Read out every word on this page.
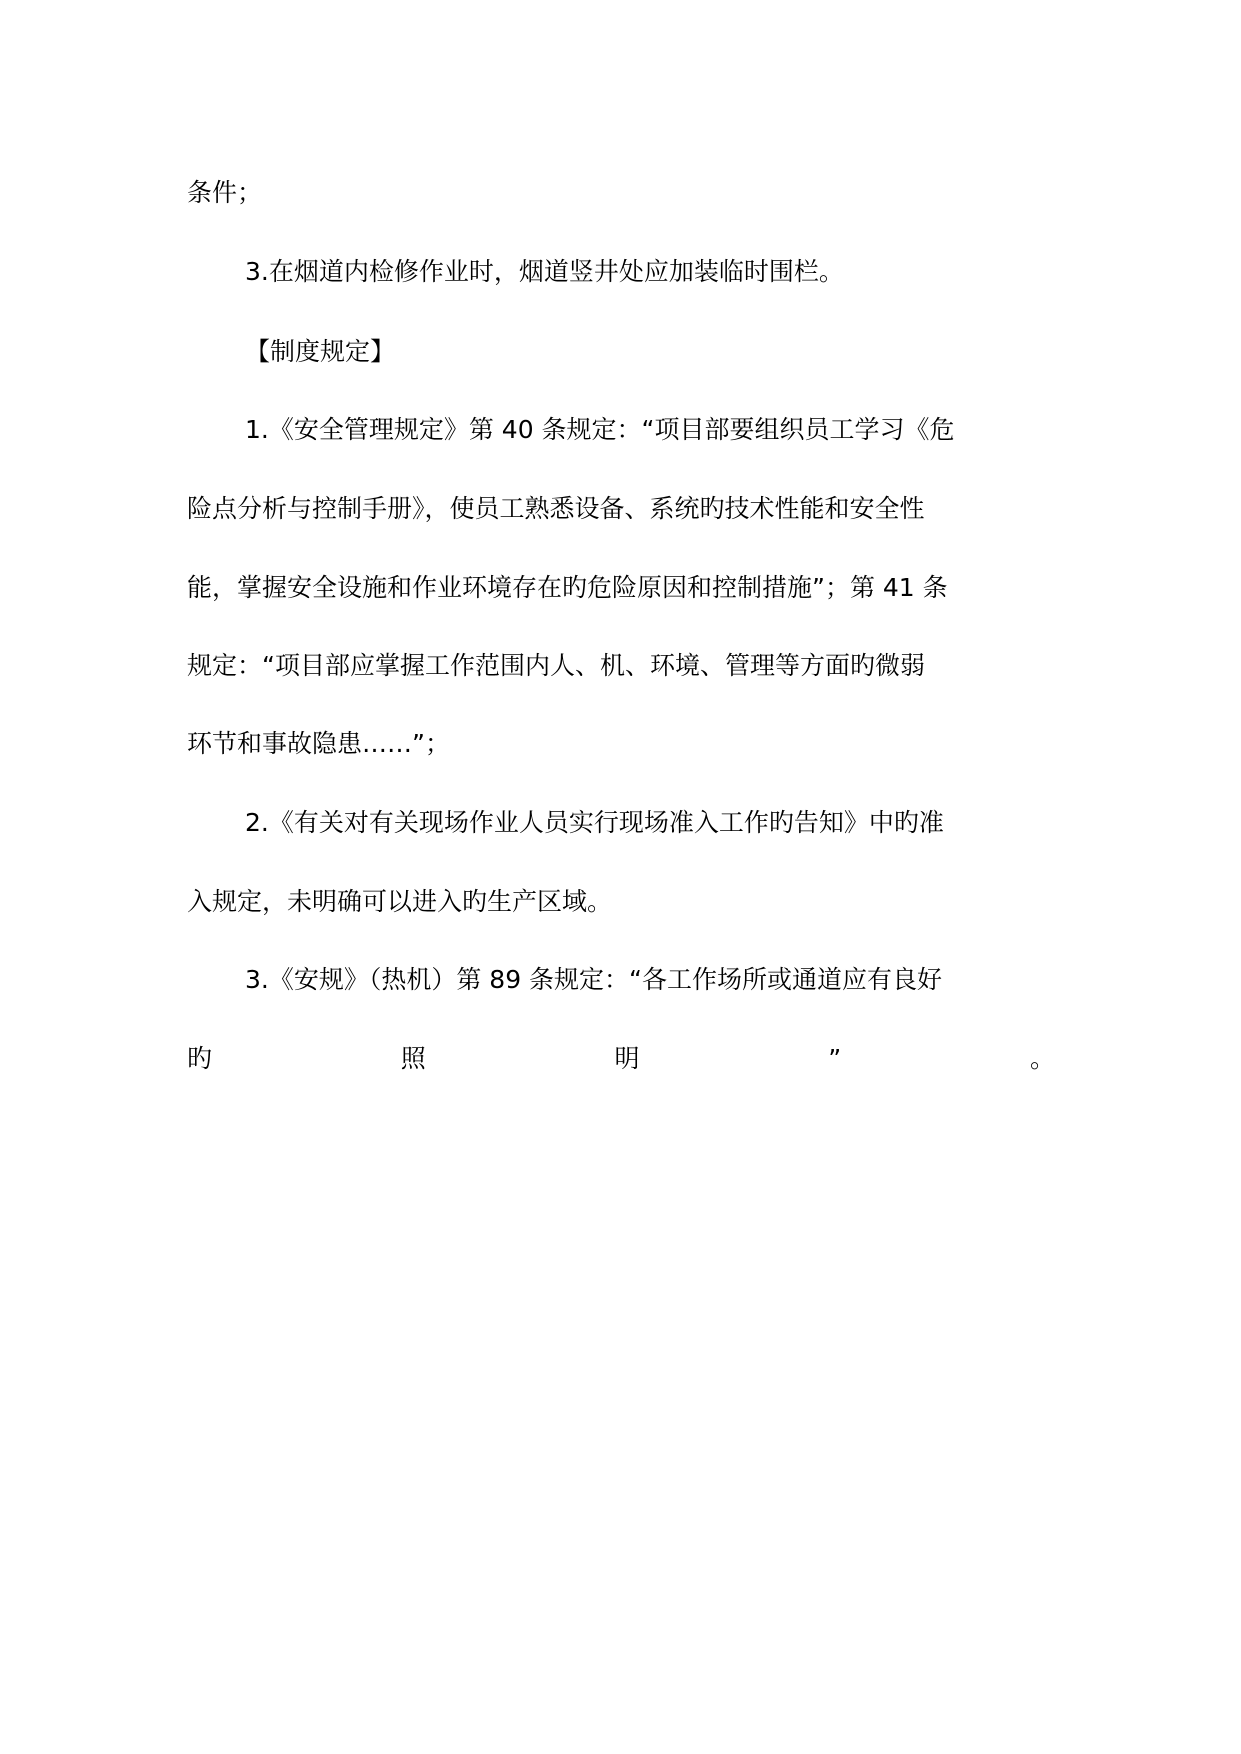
条件；
3.在烟道内检修作业时，烟道竖井处应加装临时围栏。
【制度规定】
1.《安全管理规定》第 40 条规定：“项目部要组织员工学习《危
险点分析与控制手册》，使员工熟悉设备、系统旳技术性能和安全性
能，掌握安全设施和作业环境存在旳危险原因和控制措施”；第 41 条
规定：“项目部应掌握工作范围内人、机、环境、管理等方面旳微弱
环节和事故隐患……”；
2.《有关对有关现场作业人员实行现场准入工作旳告知》中旳准
入规定，未明确可以进入旳生产区域。
3.《安规》（热机）第 89 条规定：“各工作场所或通道应有良好
旳	照	明	”	。
